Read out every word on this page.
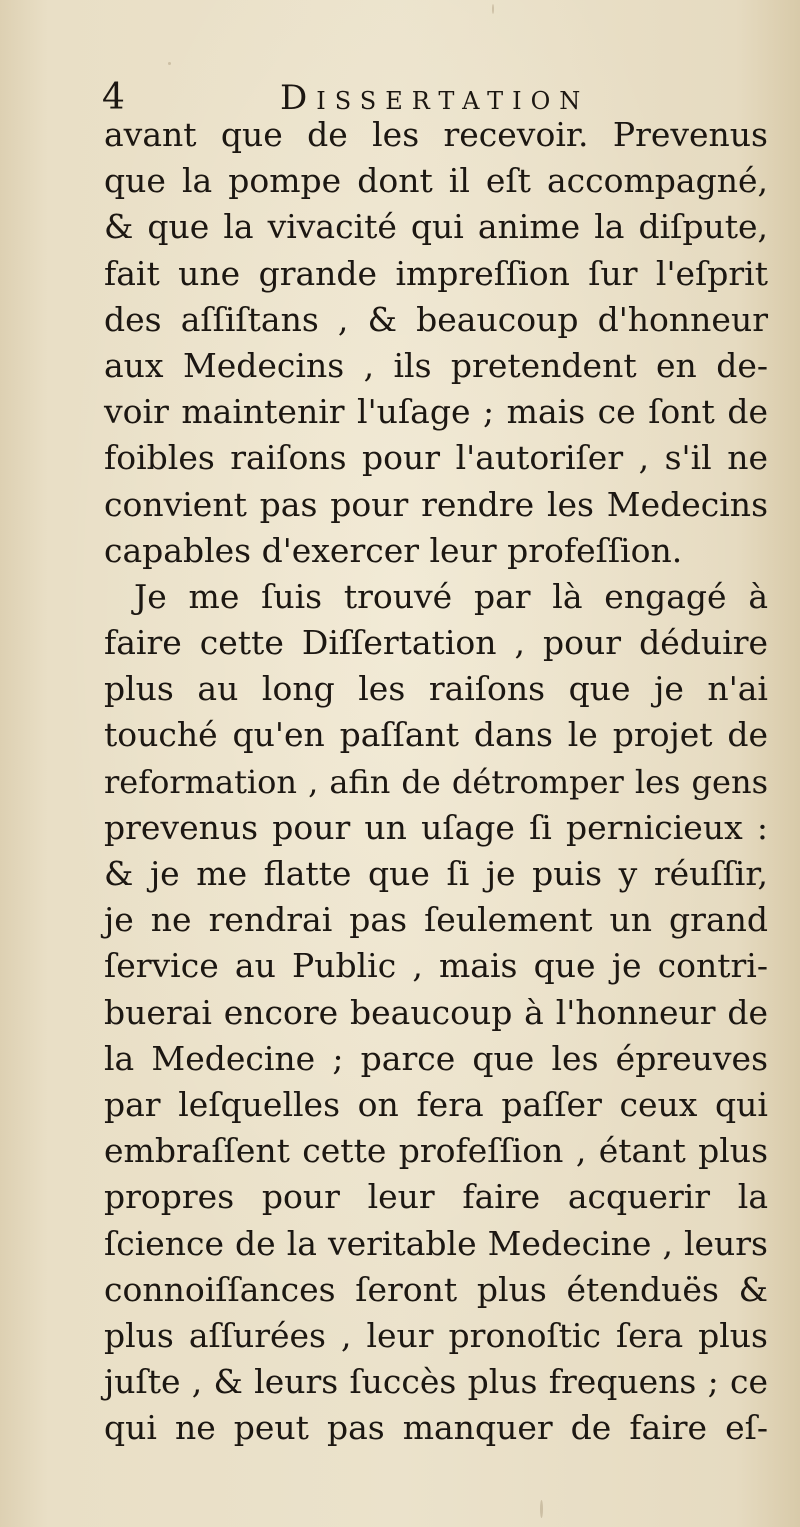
4	Dissertation
avant que de les recevoir. Prevenus
que la pompe dont il eſt accompagné,
& que la vivacité qui anime la diſpute,
fait une grande impreſſion ſur l'eſprit
des aſſiſtans , & beaucoup d'honneur
aux Medecins , ils pretendent en de-
voir maintenir l'uſage ; mais ce ſont de
foibles raiſons pour l'autoriſer , s'il ne
convient pas pour rendre les Medecins
capables d'exercer leur profeſſion.
Je me ſuis trouvé par là engagé à
faire cette Diſſertation , pour déduire
plus au long les raiſons que je n'ai
touché qu'en paſſant dans le projet de
reformation , afin de détromper les gens
prevenus pour un uſage ſi pernicieux :
& je me flatte que ſi je puis y réuſſir,
je ne rendrai pas ſeulement un grand
ſervice au Public , mais que je contri-
buerai encore beaucoup à l'honneur de
la Medecine ; parce que les épreuves
par leſquelles on fera paſſer ceux qui
embraſſent cette profeſſion , étant plus
propres pour leur faire acquerir la
ſcience de la veritable Medecine , leurs
connoiſſances ſeront plus étenduës &
plus aſſurées , leur pronoſtic ſera plus
juſte , & leurs ſuccès plus frequens ; ce
qui ne peut pas manquer de faire eſ-
